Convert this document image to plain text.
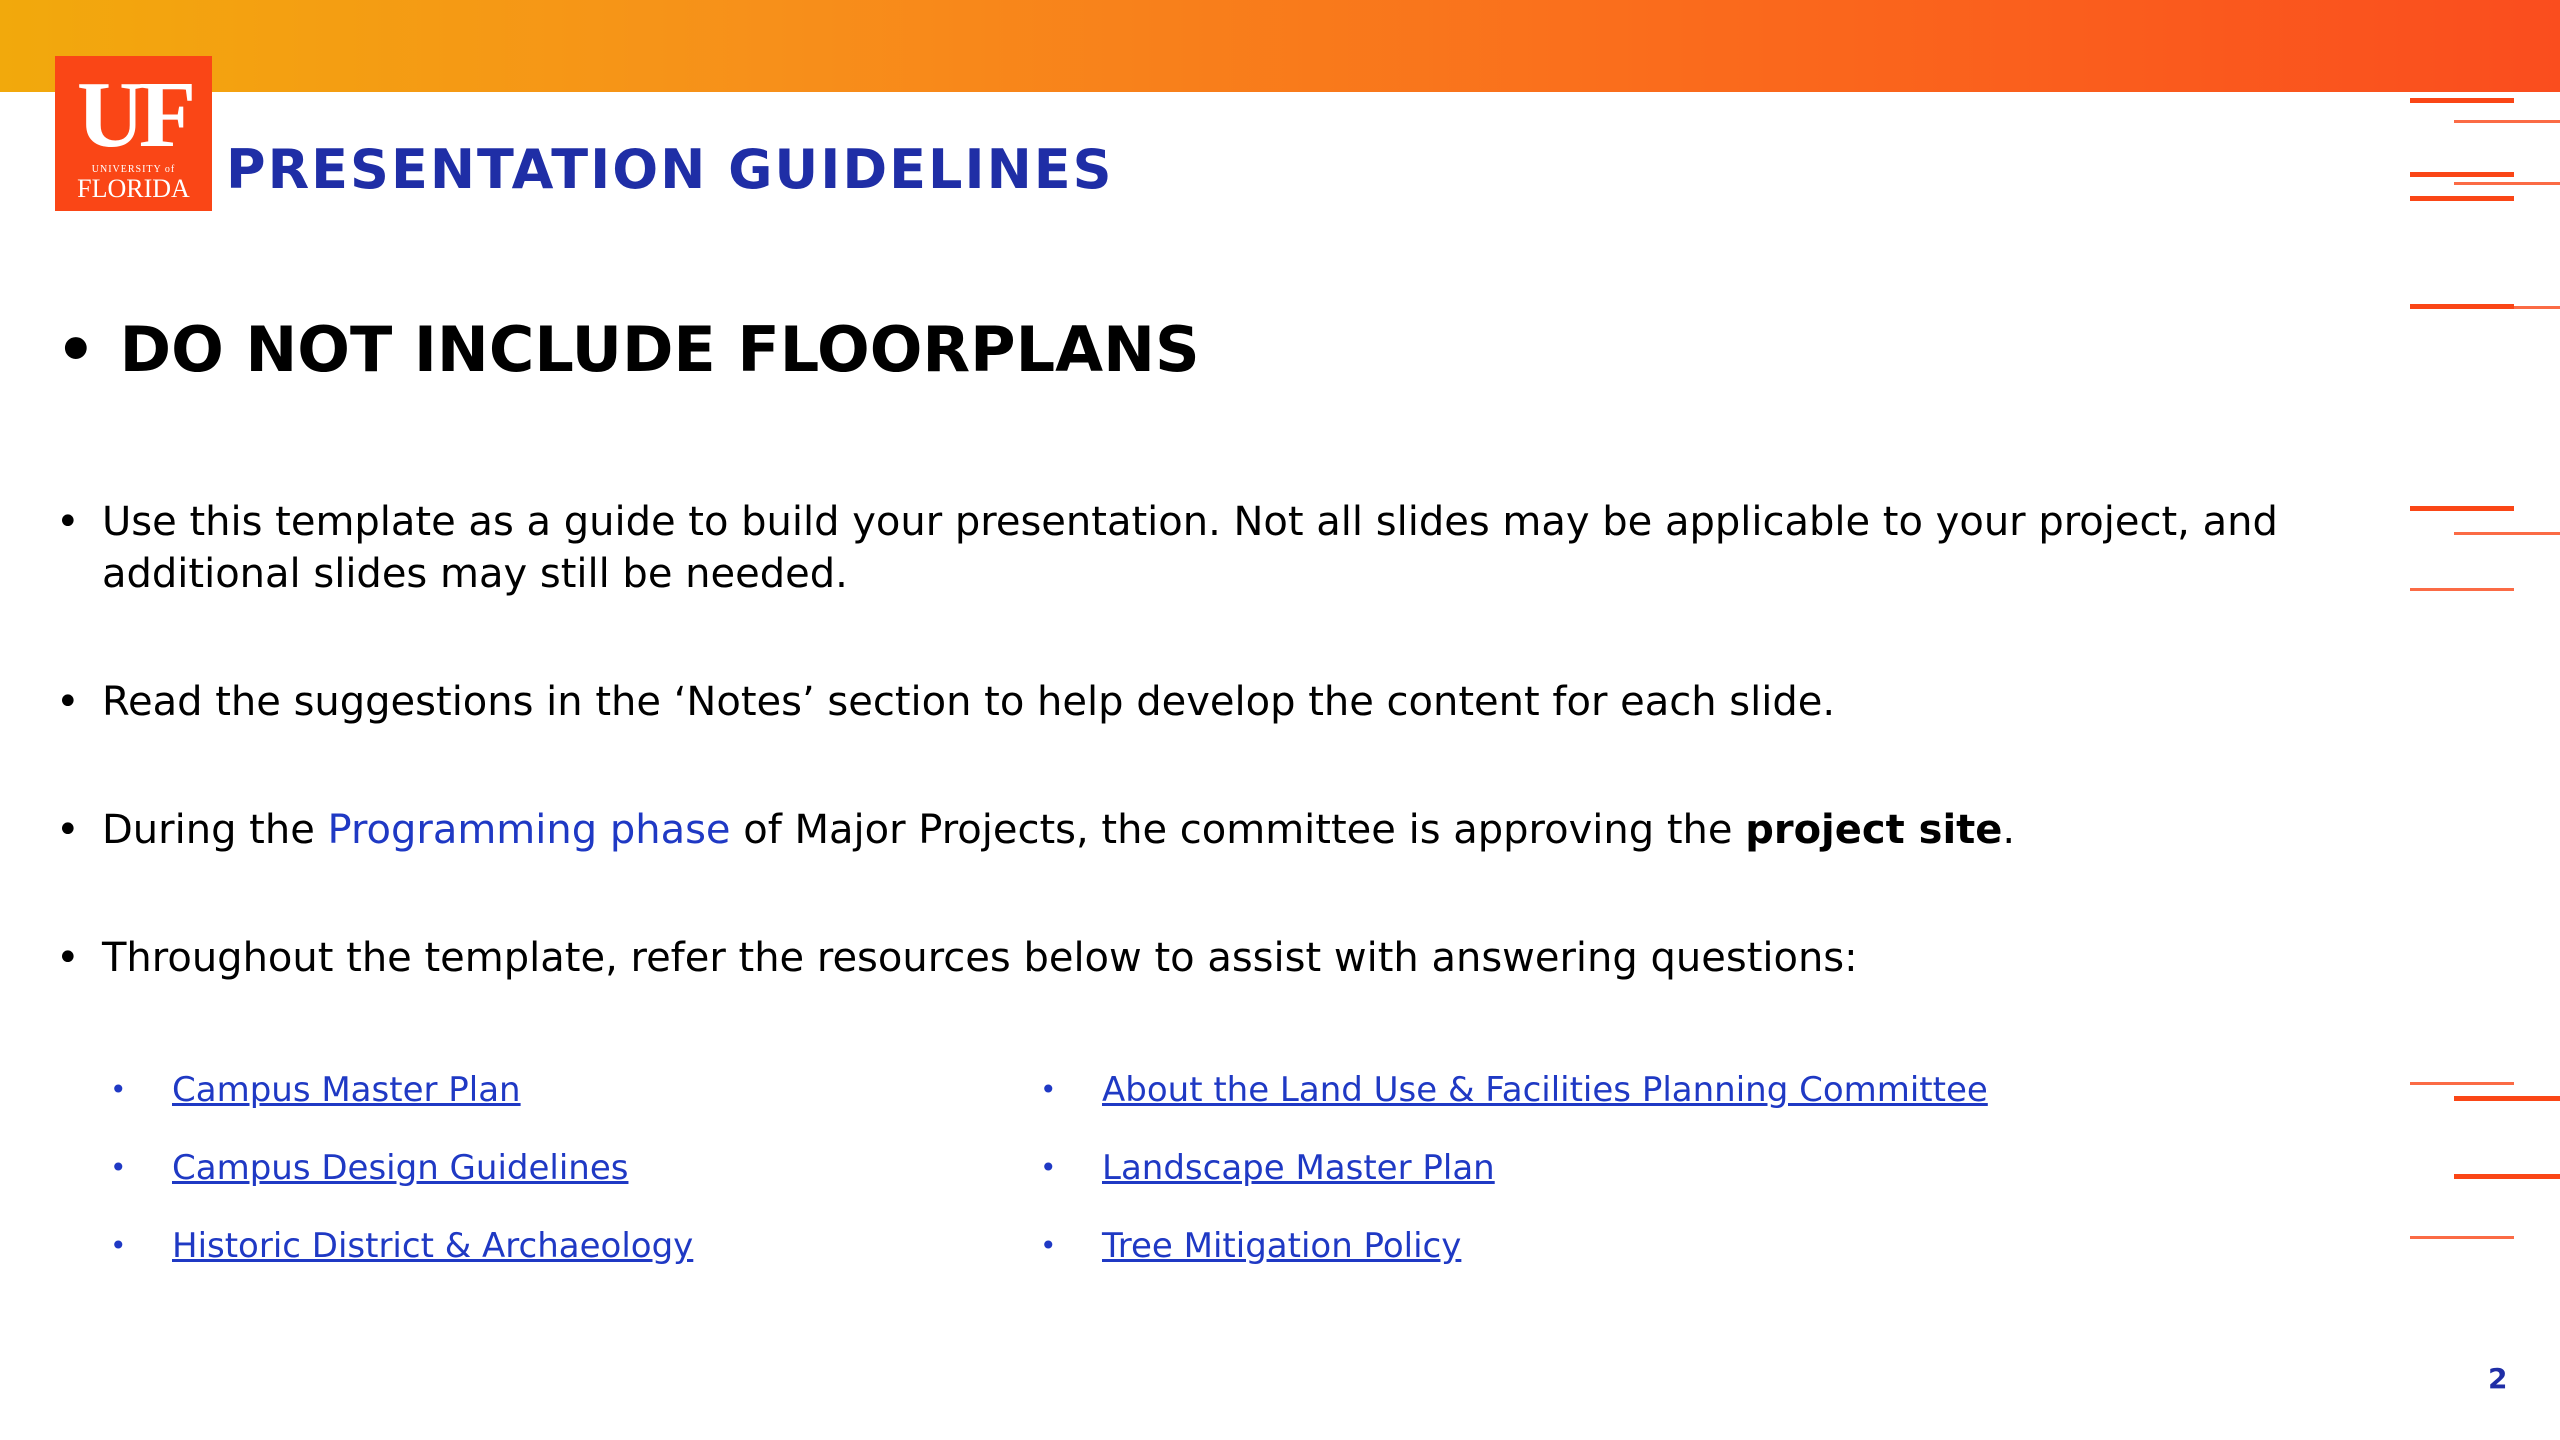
UF
UNIVERSITY of
FLORIDA PRESENTATION GUIDELINES
• DO NOT INCLUDE FLOORPLANS
• Use this template as a guide to build your presentation. Not all slides may be applicable to your project, and additional slides may still be needed.
• Read the suggestions in the ‘Notes’ section to help develop the content for each slide.
• During the Programming phase of Major Projects, the committee is approving the project site.
• Throughout the template, refer the resources below to assist with answering questions:
• Campus Master Plan
• Campus Design Guidelines
• Historic District & Archaeology
• About the Land Use & Facilities Planning Committee
• Landscape Master Plan
• Tree Mitigation Policy
2
